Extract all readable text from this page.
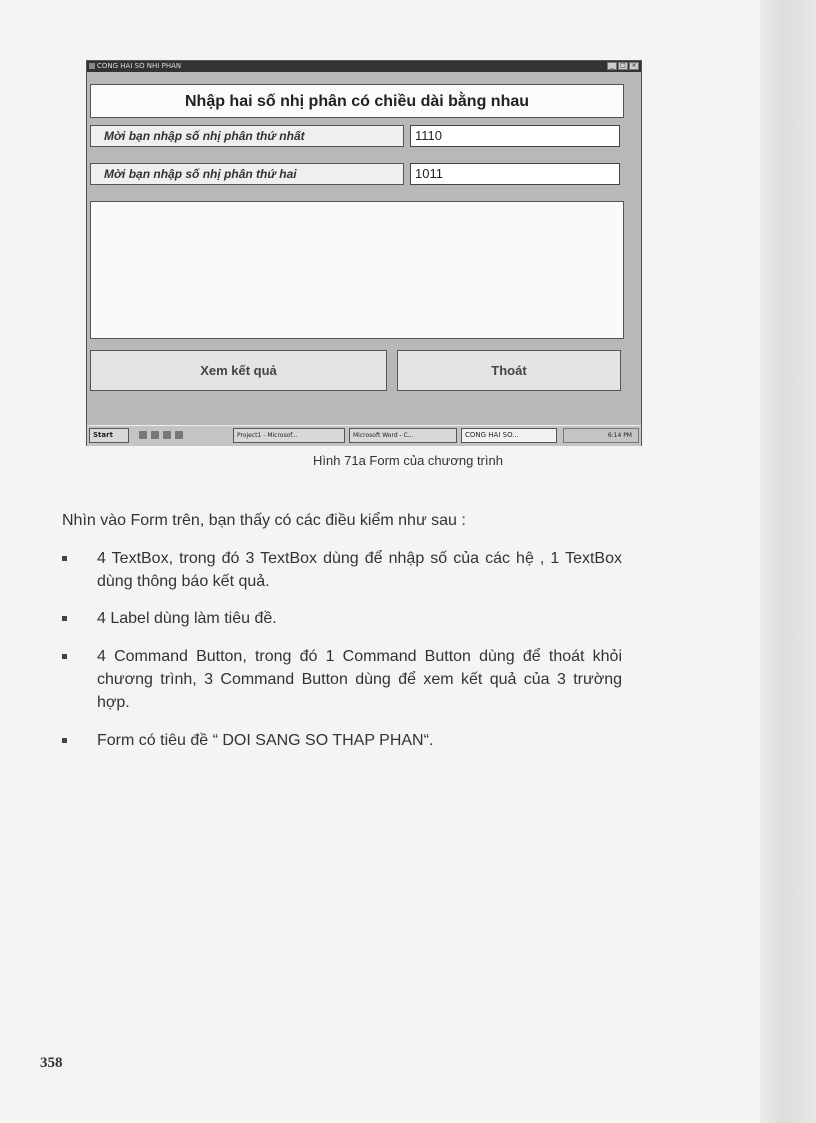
CONG HAI SO NHI PHAN	_	□ ×
Nhập hai số nhị phân có chiều dài bằng nhau
Mời bạn nhập số nhị phân thứ nhất	1110
Mời bạn nhập số nhị phân thứ hai	1011
Xem kết quả	Thoát
Start	Project1 - Microsof...	Microsoft Word - C...	CONG HAI SO...	6:14 PM
Hình 71a Form của chương trình
Nhìn vào Form trên, bạn thấy có các điều kiểm như sau :
4 TextBox, trong đó 3 TextBox dùng để nhập số của các hệ , 1 TextBox dùng thông báo kết quả.
4 Label dùng làm tiêu đề.
4 Command Button, trong đó 1 Command Button dùng để thoát khỏi chương trình, 3 Command Button dùng để xem kết quả của 3 trường hợp.
Form có tiêu đề “ DOI SANG SO THAP PHAN“.
358
